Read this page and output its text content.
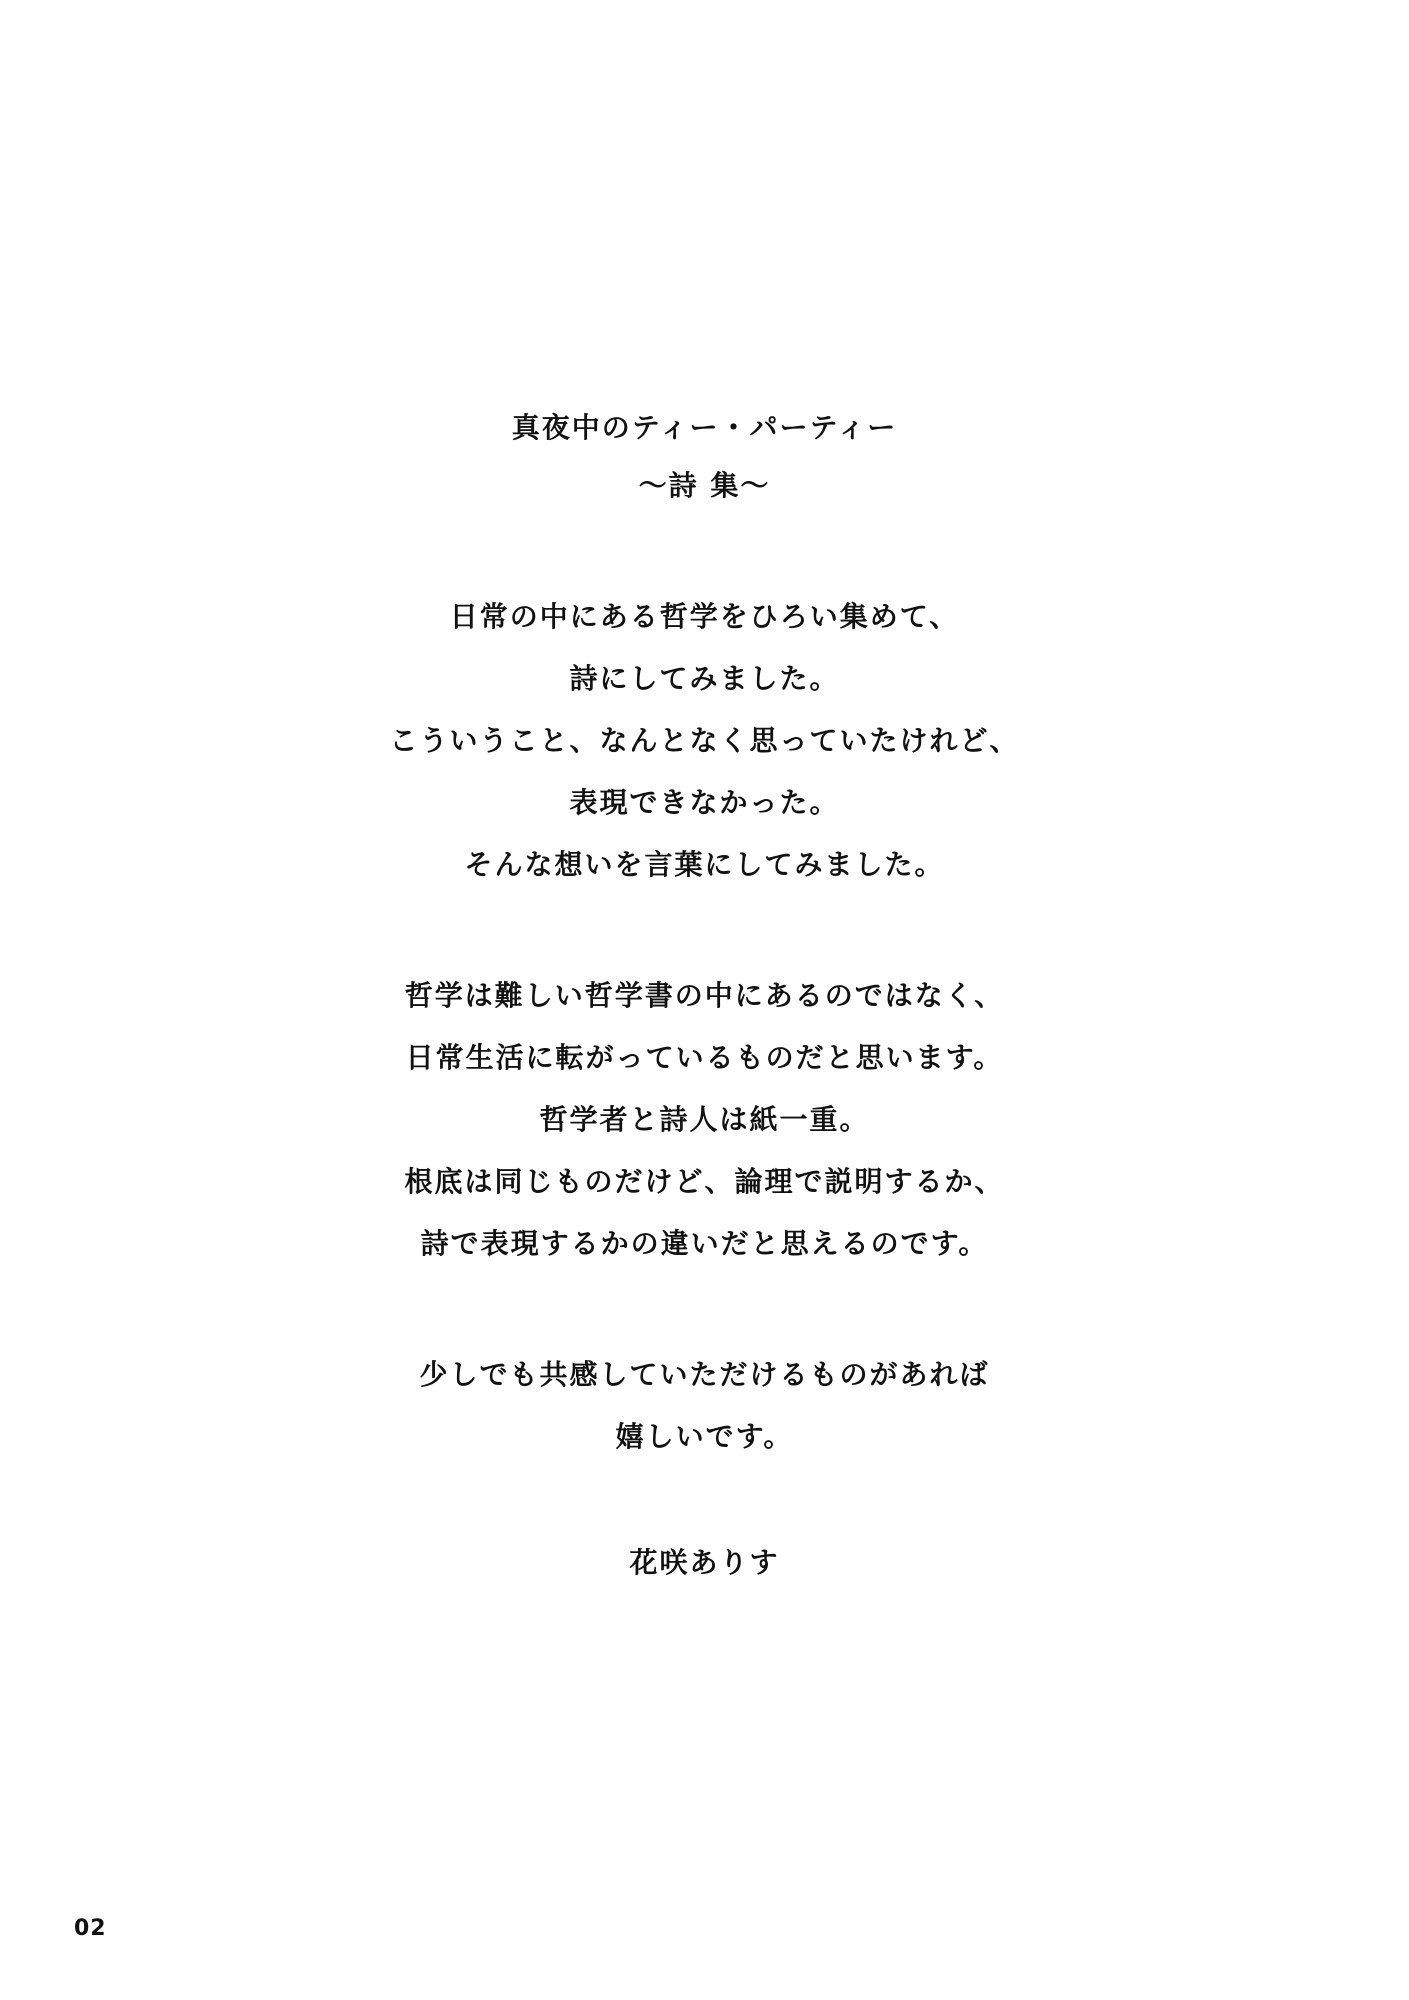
真夜中のティー・パーティー
〜詩 集〜
日常の中にある哲学をひろい集めて、
詩にしてみました。
こういうこと、なんとなく思っていたけれど、
表現できなかった。
そんな想いを言葉にしてみました。
哲学は難しい哲学書の中にあるのではなく、
日常生活に転がっているものだと思います。
哲学者と詩人は紙一重。
根底は同じものだけど、論理で説明するか、
詩で表現するかの違いだと思えるのです。
少しでも共感していただけるものがあれば
嬉しいです。
花咲ありす
02
